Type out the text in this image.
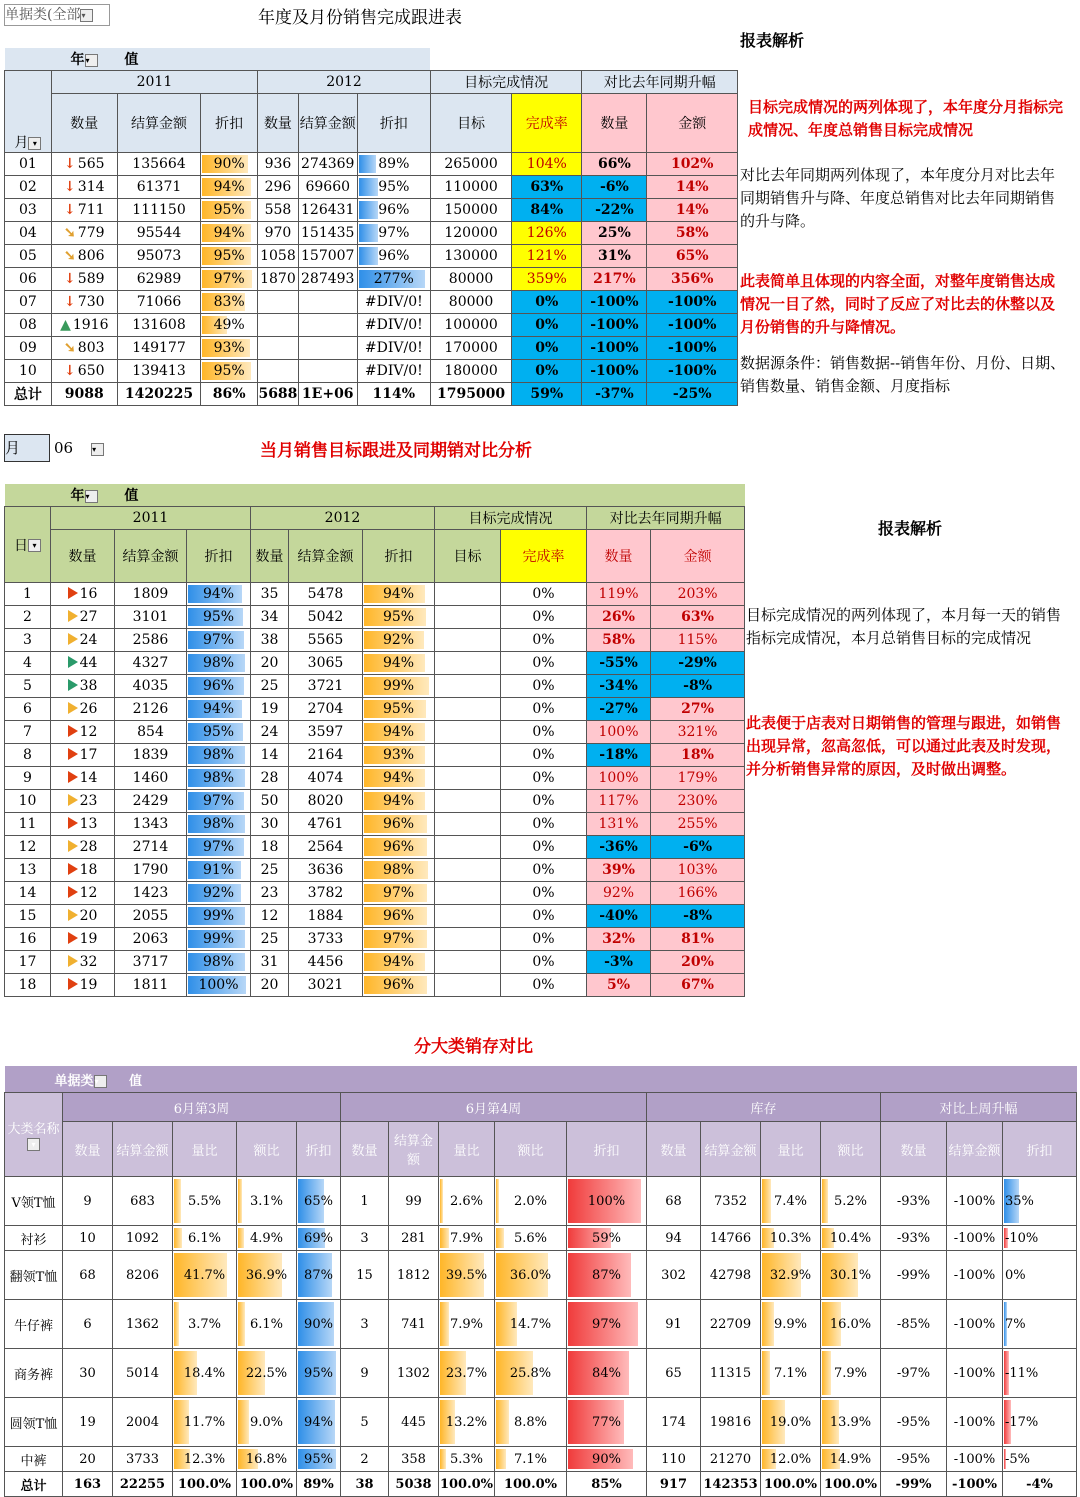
单据类(全部▾	年度及月份销售完成跟进表
报表解析
年▾ 值										
月 ▾	2011			2012			目标完成情况		对比去年同期升幅	
	数量	结算金额	折扣	数量	结算金额	折扣	目标	完成率	数量	金额
01	↓ 565	135664	90%	936	274369	89%	265000	104%	66%	102%
02	↓ 314	61371	94%	296	69660	95%	110000	63%	-6%	14%
03	↓ 711	111150	95%	558	126431	96%	150000	84%	-22%	14%
04	➘ 779	95544	94%	970	151435	97%	120000	126%	25%	58%
05	➘ 806	95073	95%	1058	157007	96%	130000	121%	31%	65%
06	↓ 589	62989	97%	1870	287493	277%	80000	359%	217%	356%
07	↓ 730	71066	83%			#DIV/0!	80000	0%	-100%	-100%
08	▲ 1916	131608	49%			#DIV/0!	100000	0%	-100%	-100%
09	➘ 803	149177	93%			#DIV/0!	170000	0%	-100%	-100%
10	↓ 650	139413	95%			#DIV/0!	180000	0%	-100%	-100%
总计	9088	1420225	86%	5688	1E+06	114%	1795000	59%	-37%	-25%
目标完成情况的两列体现了，本年度分月指标完成情况、年度总销售目标完成情况
对比去年同期两列体现了，本年度分月对比去年同期销售升与降、年度总销售对比去年同期销售的升与降。
此表简单且体现的内容全面，对整年度销售达成情况一目了然，同时了反应了对比去的休整以及月份销售的升与降情况。
数据源条件：销售数据--销售年份、月份、日期、销售数量、销售金额、月度指标
月 06 ▾	当月销售目标跟进及同期销对比分析
报表解析
年▾ 值										
日 ▾	2011			2012			目标完成情况		对比去年同期升幅	
	数量	结算金额	折扣	数量	结算金额	折扣	目标	完成率	数量	金额
1	16	1809	94%	35	5478	94%		0%	119%	203%
2	27	3101	95%	34	5042	95%		0%	26%	63%
3	24	2586	97%	38	5565	92%		0%	58%	115%
4	44	4327	98%	20	3065	94%		0%	-55%	-29%
5	38	4035	96%	25	3721	99%		0%	-34%	-8%
6	26	2126	94%	19	2704	95%		0%	-27%	27%
7	12	854	95%	24	3597	94%		0%	100%	321%
8	17	1839	98%	14	2164	93%		0%	-18%	18%
9	14	1460	98%	28	4074	94%		0%	100%	179%
10	23	2429	97%	50	8020	94%		0%	117%	230%
11	13	1343	98%	30	4761	96%		0%	131%	255%
12	28	2714	97%	18	2564	96%		0%	-36%	-6%
13	18	1790	91%	25	3636	98%		0%	39%	103%
14	12	1423	92%	23	3782	97%		0%	92%	166%
15	20	2055	99%	12	1884	96%		0%	-40%	-8%
16	19	2063	99%	25	3733	97%		0%	32%	81%
17	32	3717	98%	31	4456	94%		0%	-3%	20%
18	19	1811	100%	20	3021	96%		0%	5%	67%
目标完成情况的两列体现了，本月每一天的销售指标完成情况，本月总销售目标的完成情况
此表便于店表对日期销售的管理与跟进，如销售出现异常，忽高忽低，可以通过此表及时发现，并分析销售异常的原因，及时做出调整。
分大类销存对比
单据类▾ 值																	
大类名称▾	6月第3周					6月第4周					库存				对比上周升幅		
	数量	结算金额	量比	额比	折扣	数量	结算金额	量比	额比	折扣	数量	结算金额	量比	额比	数量	结算金额	折扣
V领T恤	9	683	5.5%	3.1%	65%	1	99	2.6%	2.0%	100%	68	7352	7.4%	5.2%	-93%	-100%	35%
衬衫	10	1092	6.1%	4.9%	69%	3	281	7.9%	5.6%	59%	94	14766	10.3%	10.4%	-93%	-100%	-10%
翻领T恤	68	8206	41.7%	36.9%	87%	15	1812	39.5%	36.0%	87%	302	42798	32.9%	30.1%	-99%	-100%	0%
牛仔裤	6	1362	3.7%	6.1%	90%	3	741	7.9%	14.7%	97%	91	22709	9.9%	16.0%	-85%	-100%	7%
商务裤	30	5014	18.4%	22.5%	95%	9	1302	23.7%	25.8%	84%	65	11315	7.1%	7.9%	-97%	-100%	-11%
圆领T恤	19	2004	11.7%	9.0%	94%	5	445	13.2%	8.8%	77%	174	19816	19.0%	13.9%	-95%	-100%	-17%
中裤	20	3733	12.3%	16.8%	95%	2	358	5.3%	7.1%	90%	110	21270	12.0%	14.9%	-95%	-100%	-5%
总计	163	22255	100.0%	100.0%	89%	38	5038	100.0%	100.0%	85%	917	142353	100.0%	100.0%	-99%	-100%	-4%
